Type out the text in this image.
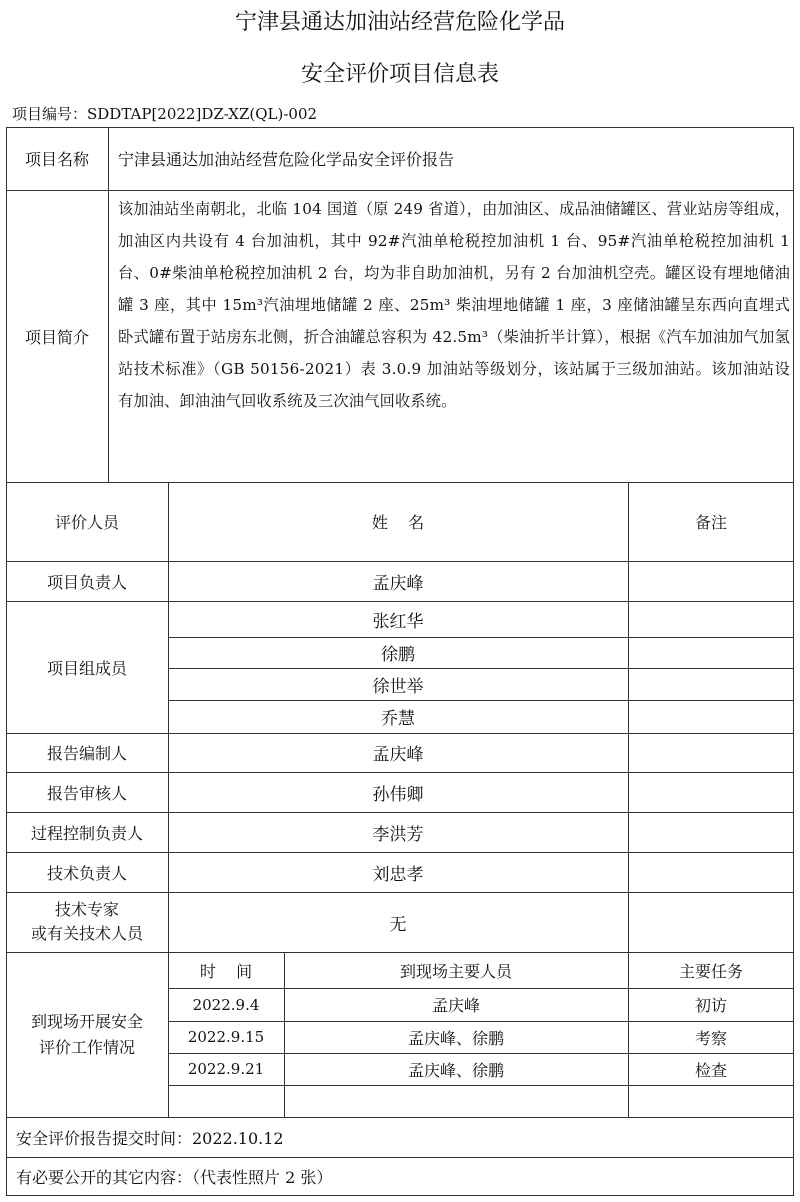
宁津县通达加油站经营危险化学品
安全评价项目信息表
项目编号：SDDTAP[2022]DZ-XZ(QL)-002
项目名称	宁津县通达加油站经营危险化学品安全评价报告
项目简介
该加油站坐南朝北，北临 104 国道（原 249 省道），由加油区、成品油储罐区、营业站房等组成，加油区内共设有 4 台加油机，其中 92#汽油单枪税控加油机 1 台、95#汽油单枪税控加油机 1 台、0#柴油单枪税控加油机 2 台，均为非自助加油机，另有 2 台加油机空壳。罐区设有埋地储油罐 3 座，其中 15m³汽油埋地储罐 2 座、25m³ 柴油埋地储罐 1 座，3 座储油罐呈东西向直埋式卧式罐布置于站房东北侧，折合油罐总容积为 42.5m³（柴油折半计算），根据《汽车加油加气加氢站技术标准》（GB 50156-2021）表 3.0.9 加油站等级划分，该站属于三级加油站。该加油站设有加油、卸油油气回收系统及三次油气回收系统。
评价人员	姓    名	备注
项目负责人	孟庆峰
项目组成员
张红华
徐鹏
徐世举
乔慧
报告编制人	孟庆峰
报告审核人	孙伟卿
过程控制负责人	李洪芳
技术负责人	刘忠孝
技术专家
或有关技术人员	无
到现场开展安全
评价工作情况
时    间	到现场主要人员	主要任务
2022.9.4	孟庆峰	初访
2022.9.15	孟庆峰、徐鹏	考察
2022.9.21	孟庆峰、徐鹏	检查
安全评价报告提交时间：2022.10.12
有必要公开的其它内容：（代表性照片 2 张）
